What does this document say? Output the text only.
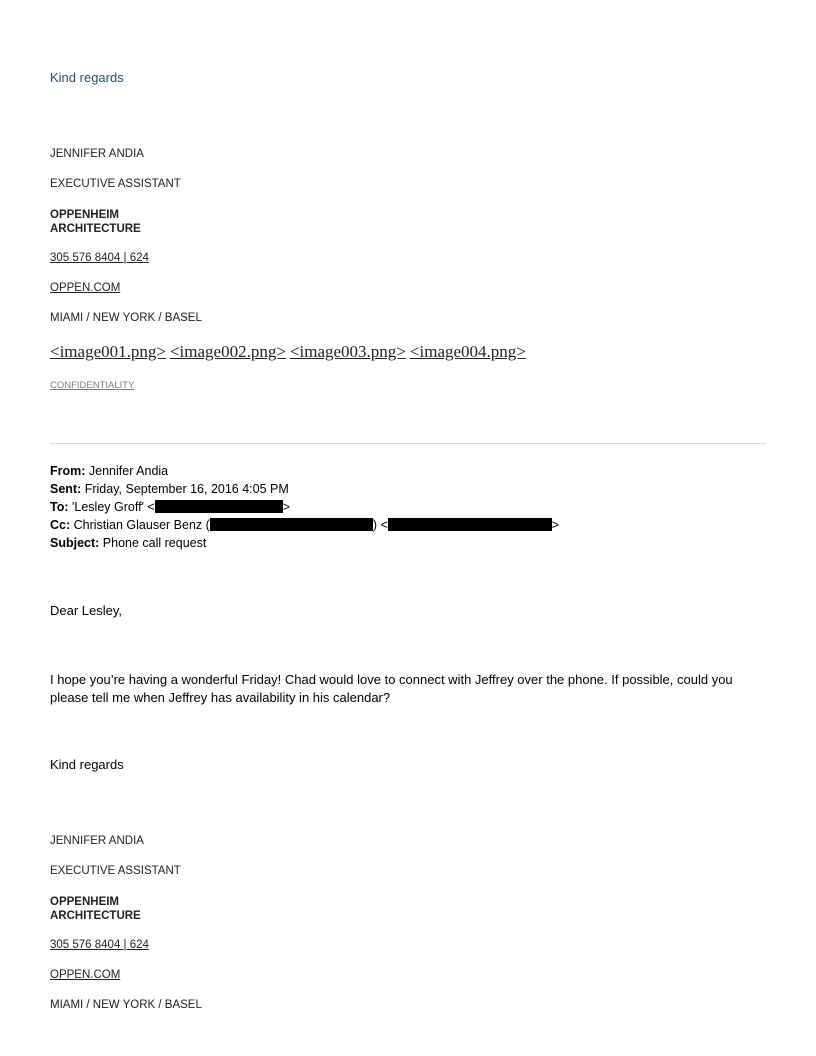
Kind regards
JENNIFER ANDIA
EXECUTIVE ASSISTANT
OPPENHEIM
ARCHITECTURE
305 576 8404 | 624
OPPEN.COM
MIAMI / NEW YORK / BASEL
<image001.png> <image002.png> <image003.png> <image004.png>
CONFIDENTIALITY
From: Jennifer Andia
Sent: Friday, September 16, 2016 4:05 PM
To: 'Lesley Groff' <	>
Cc: Christian Glauser Benz (	) <	>
Subject: Phone call request
Dear Lesley,
I hope you’re having a wonderful Friday! Chad would love to connect with Jeffrey over the phone. If possible, could you
please tell me when Jeffrey has availability in his calendar?
Kind regards
JENNIFER ANDIA
EXECUTIVE ASSISTANT
OPPENHEIM
ARCHITECTURE
305 576 8404 | 624
OPPEN.COM
MIAMI / NEW YORK / BASEL
